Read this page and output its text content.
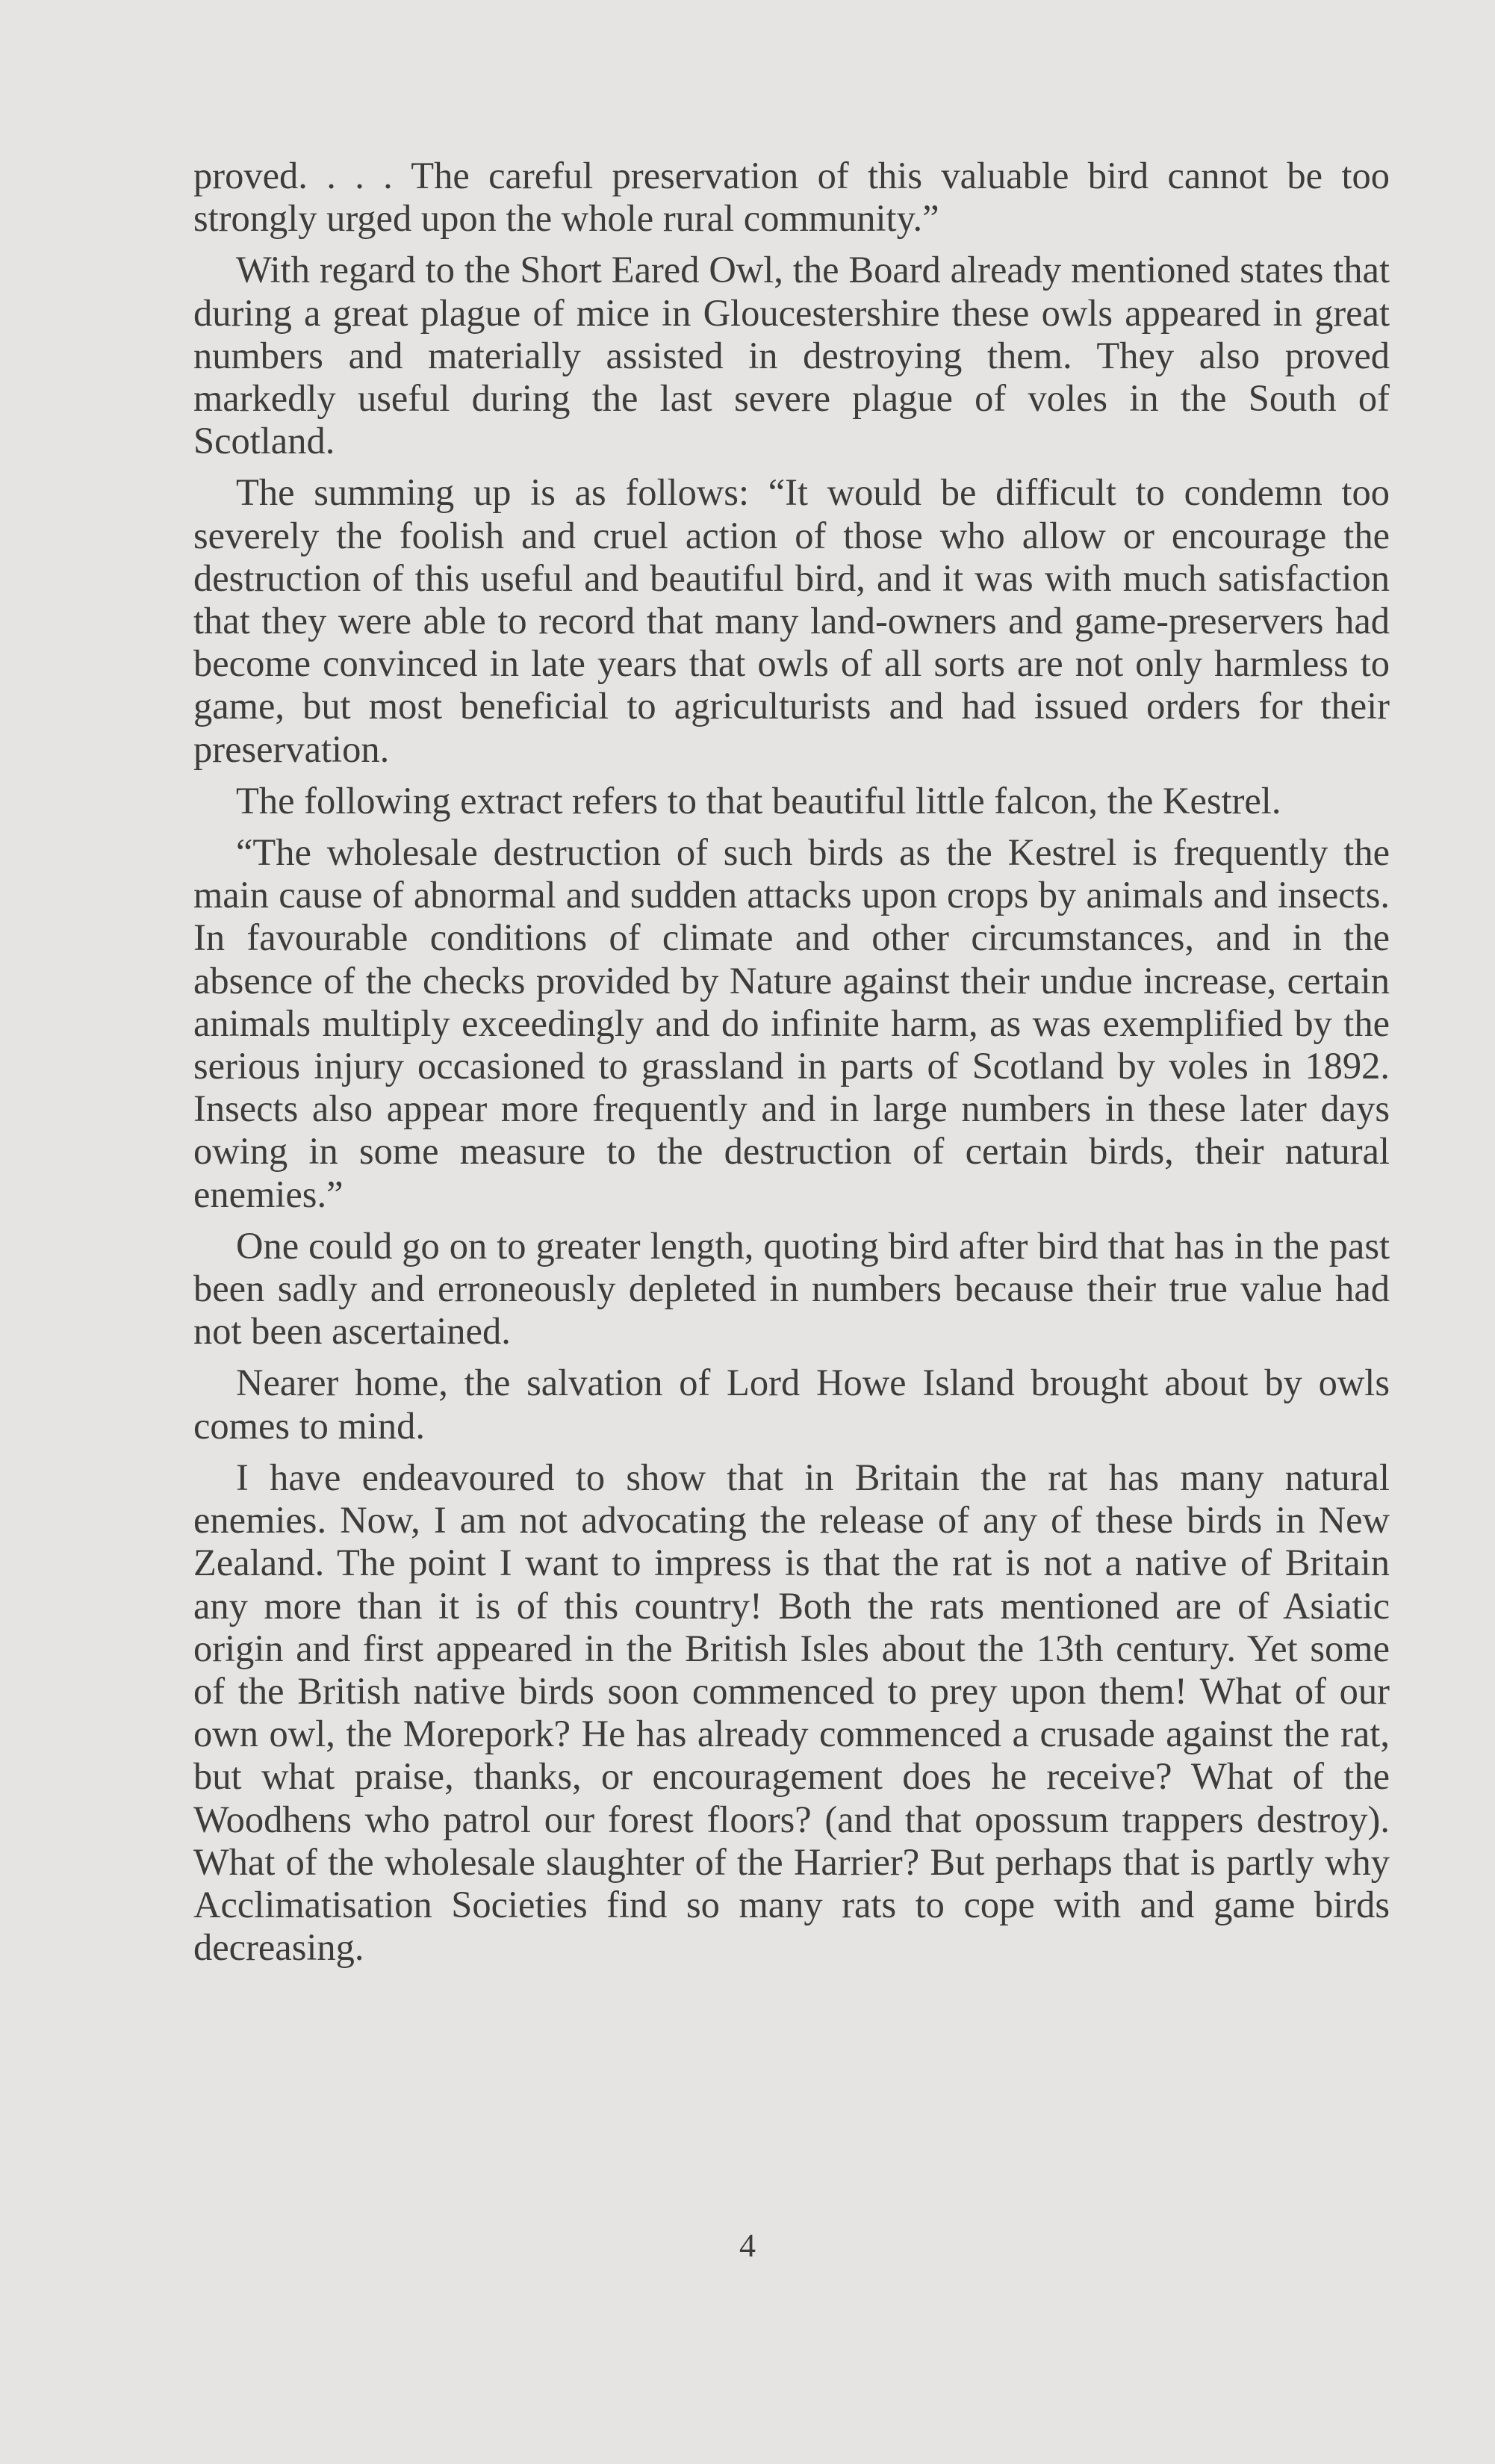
proved. . . . The careful preservation of this valuable bird cannot be too strongly urged upon the whole rural community.”

With regard to the Short Eared Owl, the Board already mentioned states that during a great plague of mice in Gloucestershire these owls appeared in great numbers and materially assisted in destroying them. They also proved markedly useful during the last severe plague of voles in the South of Scotland.

The summing up is as follows: “It would be difficult to condemn too severely the foolish and cruel action of those who allow or encourage the destruction of this useful and beautiful bird, and it was with much satisfaction that they were able to record that many land-owners and game-preservers had become convinced in late years that owls of all sorts are not only harmless to game, but most beneficial to agriculturists and had issued orders for their preservation.

The following extract refers to that beautiful little falcon, the Kestrel.

“The wholesale destruction of such birds as the Kestrel is frequently the main cause of abnormal and sudden attacks upon crops by animals and insects. In favourable conditions of climate and other circumstances, and in the absence of the checks provided by Nature against their undue increase, certain animals multiply exceedingly and do infinite harm, as was exemplified by the serious injury occasioned to grassland in parts of Scotland by voles in 1892. Insects also appear more frequently and in large numbers in these later days owing in some measure to the destruction of certain birds, their natural enemies.”

One could go on to greater length, quoting bird after bird that has in the past been sadly and erroneously depleted in numbers because their true value had not been ascertained.

Nearer home, the salvation of Lord Howe Island brought about by owls comes to mind.

I have endeavoured to show that in Britain the rat has many natural enemies. Now, I am not advocating the release of any of these birds in New Zealand. The point I want to impress is that the rat is not a native of Britain any more than it is of this country! Both the rats mentioned are of Asiatic origin and first appeared in the British Isles about the 13th century. Yet some of the British native birds soon commenced to prey upon them! What of our own owl, the Morepork? He has already commenced a crusade against the rat, but what praise, thanks, or encouragement does he receive? What of the Woodhens who patrol our forest floors? (and that opossum trappers destroy). What of the wholesale slaughter of the Harrier? But perhaps that is partly why Acclimatisation Societies find so many rats to cope with and game birds decreasing.

4
